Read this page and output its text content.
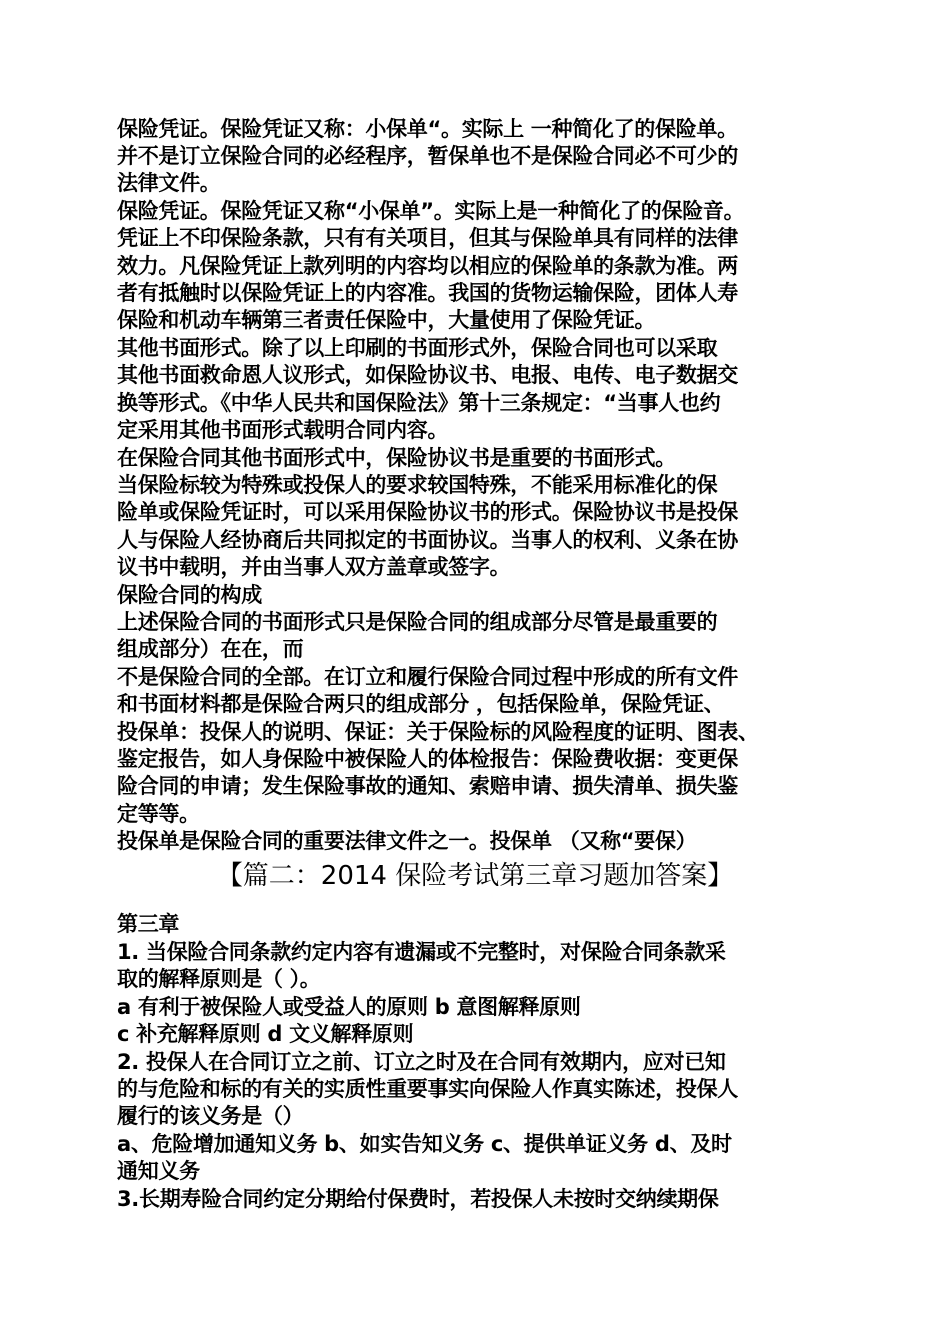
保险凭证。保险凭证又称：小保单“。实际上 一种简化了的保险单。
并不是订立保险合同的必经程序，暂保单也不是保险合同必不可少的
法律文件。
保险凭证。保险凭证又称“小保单”。实际上是一种简化了的保险音。
凭证上不印保险条款，只有有关项目，但其与保险单具有同样的法律
效力。凡保险凭证上款列明的内容均以相应的保险单的条款为准。两
者有抵触时以保险凭证上的内容准。我国的货物运输保险，团体人寿
保险和机动车辆第三者责任保险中，大量使用了保险凭证。
其他书面形式。除了以上印刷的书面形式外，保险合同也可以采取
其他书面救命恩人议形式，如保险协议书、电报、电传、电子数据交
换等形式。《中华人民共和国保险法》第十三条规定：“当事人也约
定采用其他书面形式载明合同内容。
在保险合同其他书面形式中，保险协议书是重要的书面形式。
当保险标较为特殊或投保人的要求较国特殊，不能采用标准化的保
险单或保险凭证时，可以采用保险协议书的形式。保险协议书是投保
人与保险人经协商后共同拟定的书面协议。当事人的权利、义条在协
议书中载明，并由当事人双方盖章或签字。
保险合同的构成
上述保险合同的书面形式只是保险合同的组成部分尽管是最重要的
组成部分）在在，而
不是保险合同的全部。在订立和履行保险合同过程中形成的所有文件
和书面材料都是保险合两只的组成部分 ，包括保险单，保险凭证、
投保单：投保人的说明、保证：关于保险标的风险程度的证明、图表、
鉴定报告，如人身保险中被保险人的体检报告：保险费收据：变更保
险合同的申请；发生保险事故的通知、索赔申请、损失清单、损失鉴
定等等。
投保单是保险合同的重要法律文件之一。投保单 （又称“要保）
【篇二：2014 保险考试第三章习题加答案】
第三章
1. 当保险合同条款约定内容有遗漏或不完整时，对保险合同条款采
取的解释原则是（ ）。
a 有利于被保险人或受益人的原则 b 意图解释原则
c 补充解释原则 d 文义解释原则
2. 投保人在合同订立之前、订立之时及在合同有效期内，应对已知
的与危险和标的有关的实质性重要事实向保险人作真实陈述，投保人
履行的该义务是（）
a、危险增加通知义务 b、如实告知义务 c、提供单证义务 d、及时
通知义务
3.长期寿险合同约定分期给付保费时，若投保人未按时交纳续期保
